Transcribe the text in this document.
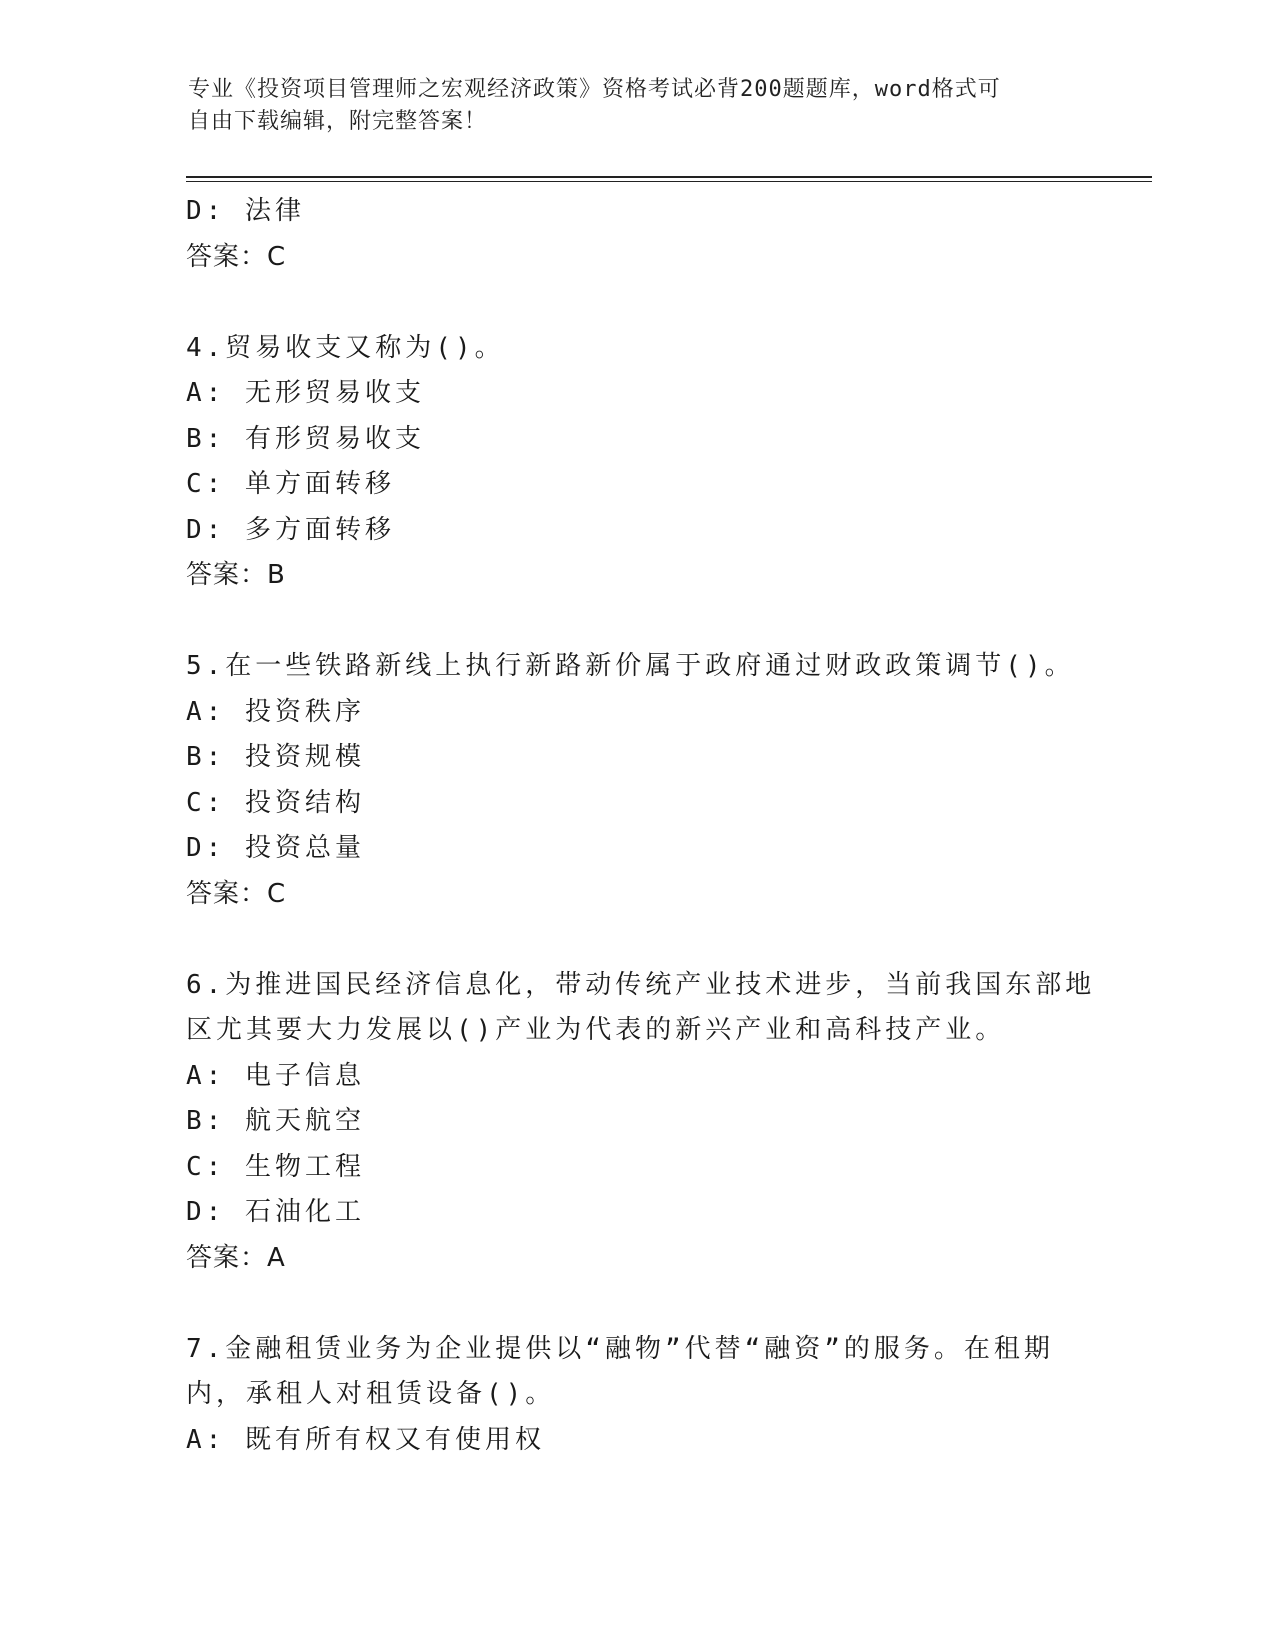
专业《投资项目管理师之宏观经济政策》资格考试必背200题题库，word格式可
自由下载编辑，附完整答案！
D: 法律
答案：C
4.贸易收支又称为()。
A: 无形贸易收支
B: 有形贸易收支
C: 单方面转移
D: 多方面转移
答案：B
5.在一些铁路新线上执行新路新价属于政府通过财政政策调节()。
A: 投资秩序
B: 投资规模
C: 投资结构
D: 投资总量
答案：C
6.为推进国民经济信息化，带动传统产业技术进步，当前我国东部地
区尤其要大力发展以()产业为代表的新兴产业和高科技产业。
A: 电子信息
B: 航天航空
C: 生物工程
D: 石油化工
答案：A
7.金融租赁业务为企业提供以“融物”代替“融资”的服务。在租期
内，承租人对租赁设备()。
A: 既有所有权又有使用权
